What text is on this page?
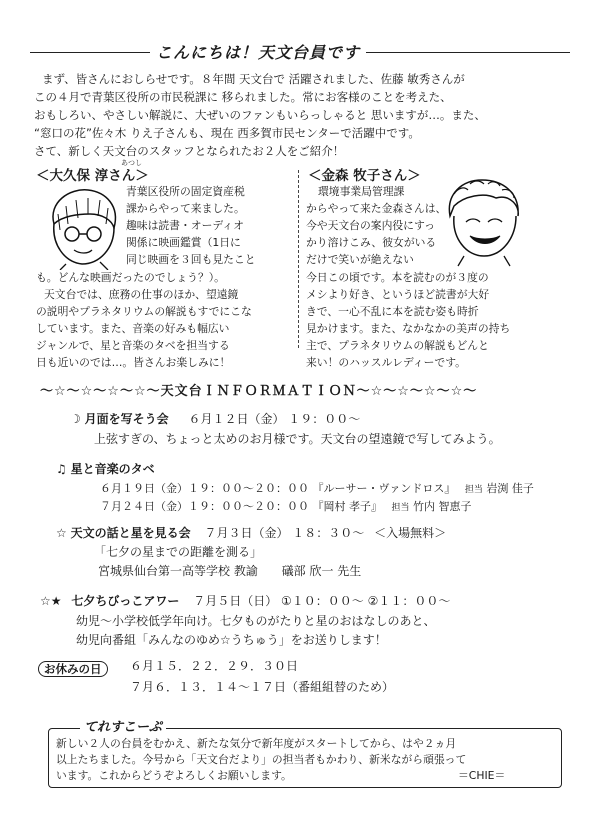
こんにちは！天文台員です
まず、皆さんにおしらせです。８年間 天文台で 活躍されました、佐藤 敏秀さんが
この４月で青葉区役所の市民税課に 移られました。常にお客様のことを考えた、
おもしろい、やさしい解説に、大ぜいのファンもいらっしゃると 思いますが…。また、
“窓口の花”佐々木 りえ子さんも、現在 西多賀市民センターで活躍中です。
さて、新しく天文台のスタッフとなられたお２人をご紹介！
＜大久保 淳さん＞
あつし
青葉区役所の固定資産税
課からやって来ました。
趣味は読書・オーディオ
関係に映画鑑賞（1日に
同じ映画を３回も見たこと
も。どんな映画だったのでしょう？）。
天文台では、庶務の仕事のほか、望遠鏡
の説明やプラネタリウムの解説もすでにこな
しています。また、音楽の好みも幅広い
ジャンルで、星と音楽のタベを担当する
日も近いのでは…。皆さんお楽しみに！
＜金森 牧子さん＞
環境事業局管理課
からやって来た金森さんは、
今や天文台の案内役にすっ
かり溶けこみ、彼女がいる
だけで笑いが絶えない
今日この頃です。本を読むのが３度の
メシより好き、というほど読書が大好
きで、一心不乱に本を読む姿も時折
見かけます。また、なかなかの美声の持ち
主で、プラネタリウムの解説もどんと
来い！のハッスルレディーです。
〜☆〜☆〜☆〜☆〜天文台ＩＮＦＯＲＭＡＴＩＯＮ〜☆〜☆〜☆〜☆〜
☽ 月面を写そう会 ６月１２日（金） １９：００〜
上弦すぎの、ちょっと太めのお月様です。天文台の望遠鏡で写してみよう。
♫ 星と音楽のタベ
６月１９日（金）１９：００〜２０：００ 『ルーサー・ヴァンドロス』 担当 岩渕 佳子
７月２４日（金）１９：００〜２０：００ 『岡村 孝子』 担当 竹内 智恵子
☆ 天文の話と星を見る会 ７月３日（金） １８：３０〜 ＜入場無料＞
「七夕の星までの距離を測る」
宮城県仙台第一高等学校 教諭 礒部 欣一 先生
☆★ 七夕ちびっこアワー ７月５日（日） ①１０：００〜 ②１１：００〜
幼児〜小学校低学年向け。七夕ものがたりと星のおはなしのあと、
幼児向番組「みんなのゆめ☆うちゅう」をお送りします！
お休みの日	６月１５．２２．２９．３０日
７月６．１３．１４〜１７日（番組組替のため）
てれすこーぷ
新しい２人の台員をむかえ、新たな気分で新年度がスタートしてから、はや２ヵ月
以上たちました。今号から「天文台だより」の担当者もかわり、新米ながら頑張って
います。これからどうぞよろしくお願いします。	＝CHIE＝
